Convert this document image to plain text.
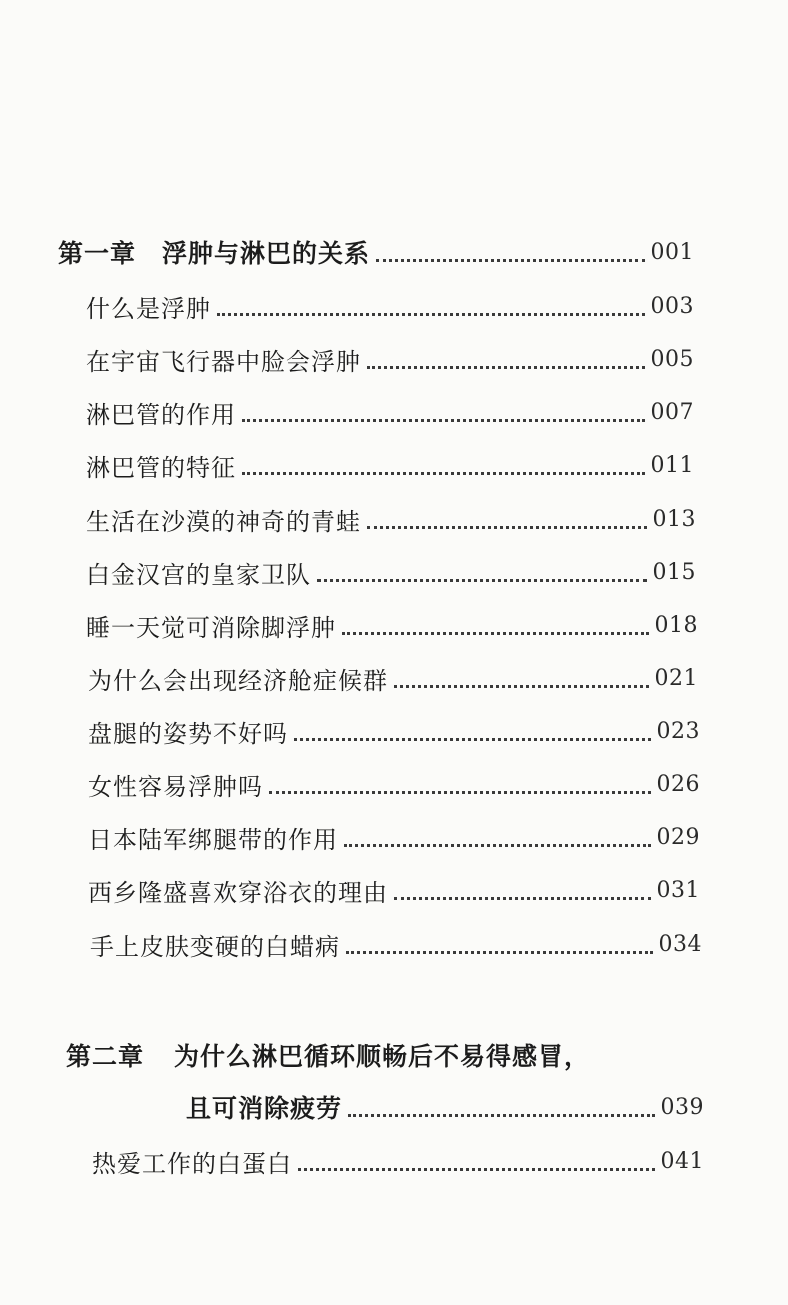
第一章 浮肿与淋巴的关系	001
什么是浮肿	003
在宇宙飞行器中脸会浮肿	005
淋巴管的作用	007
淋巴管的特征	011
生活在沙漠的神奇的青蛙	013
白金汉宫的皇家卫队	015
睡一天觉可消除脚浮肿	018
为什么会出现经济舱症候群	021
盘腿的姿势不好吗	023
女性容易浮肿吗	026
日本陆军绑腿带的作用	029
西乡隆盛喜欢穿浴衣的理由	031
手上皮肤变硬的白蜡病	034
第二章 为什么淋巴循环顺畅后不易得感冒，
且可消除疲劳	039
热爱工作的白蛋白	041
